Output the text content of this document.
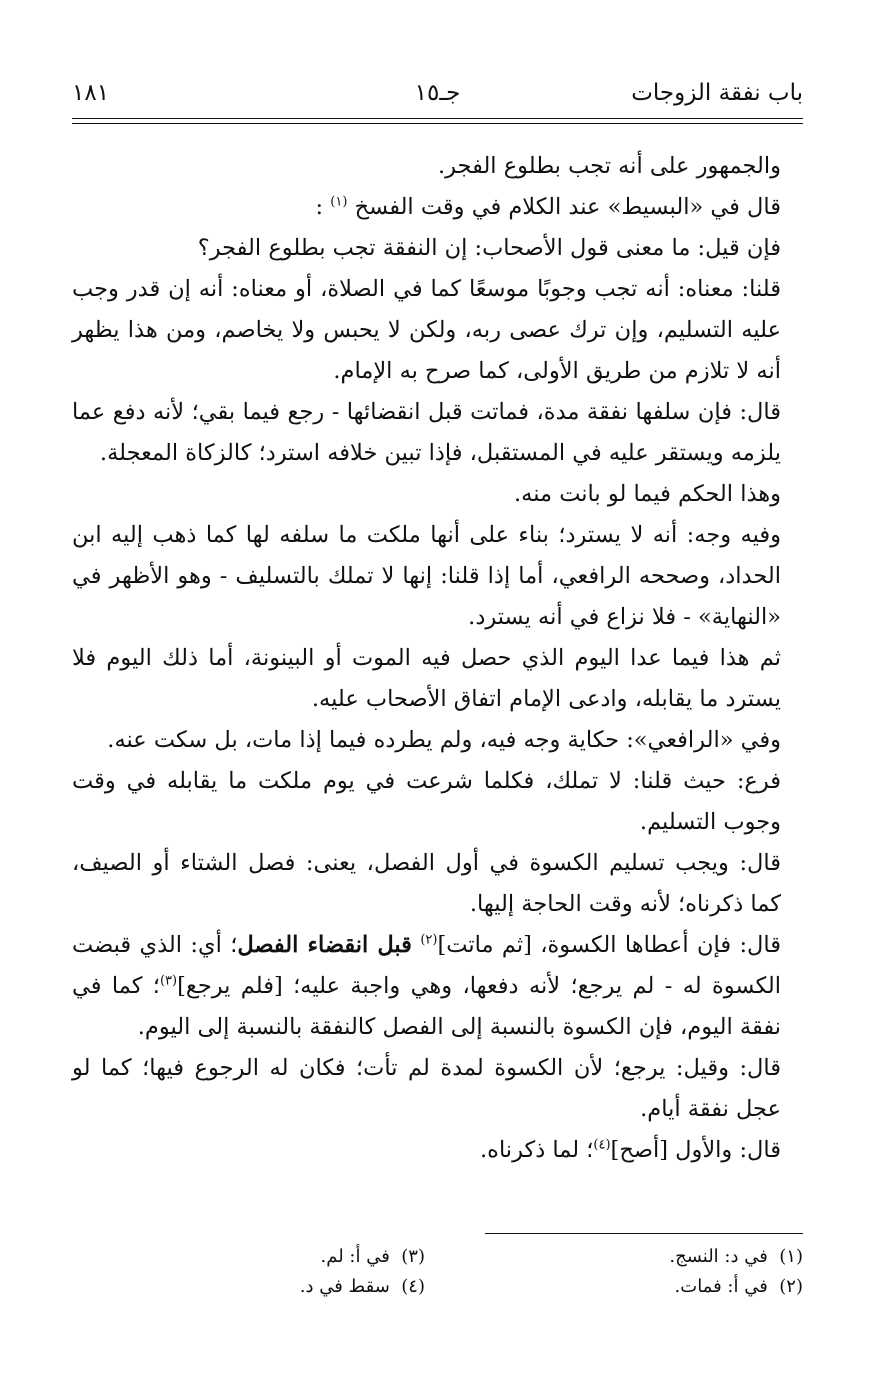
باب نفقة الزوجات
جـ١٥
١٨١

والجمهور على أنه تجب بطلوع الفجر.

قال في «البسيط» عند الكلام في وقت الفسخ $^{(١)}$ :

فإن قيل: ما معنى قول الأصحاب: إن النفقة تجب بطلوع الفجر؟

قلنا: معناه: أنه تجب وجوبًا موسعًا كما في الصلاة، أو معناه: أنه إن قدر وجب عليه التسليم، وإن ترك عصى ربه، ولكن لا يحبس ولا يخاصم، ومن هذا يظهر أنه لا تلازم من طريق الأولى، كما صرح به الإمام.

قال: فإن سلفها نفقة مدة، فماتت قبل انقضائها - رجع فيما بقي؛ لأنه دفع عما يلزمه ويستقر عليه في المستقبل، فإذا تبين خلافه استرد؛ كالزكاة المعجلة.

وهذا الحكم فيما لو بانت منه.

وفيه وجه: أنه لا يسترد؛ بناء على أنها ملكت ما سلفه لها كما ذهب إليه ابن الحداد، وصححه الرافعي، أما إذا قلنا: إنها لا تملك بالتسليف - وهو الأظهر في «النهاية» - فلا نزاع في أنه يسترد.

ثم هذا فيما عدا اليوم الذي حصل فيه الموت أو البينونة، أما ذلك اليوم فلا يسترد ما يقابله، وادعى الإمام اتفاق الأصحاب عليه.

وفي «الرافعي»: حكاية وجه فيه، ولم يطرده فيما إذا مات، بل سكت عنه.

فرع: حيث قلنا: لا تملك، فكلما شرعت في يوم ملكت ما يقابله في وقت وجوب التسليم.

قال: ويجب تسليم الكسوة في أول الفصل، يعنى: فصل الشتاء أو الصيف، كما ذكرناه؛ لأنه وقت الحاجة إليها.

قال: فإن أعطاها الكسوة، [ثم ماتت]$^{(٢)}$ قبل انقضاء الفصل؛ أي: الذي قبضت الكسوة له - لم يرجع؛ لأنه دفعها، وهي واجبة عليه؛ [فلم يرجع]$^{(٣)}$؛ كما في نفقة اليوم، فإن الكسوة بالنسبة إلى الفصل كالنفقة بالنسبة إلى اليوم.

قال: وقيل: يرجع؛ لأن الكسوة لمدة لم تأت؛ فكان له الرجوع فيها؛ كما لو عجل نفقة أيام.

قال: والأول [أصح]$^{(٤)}$؛ لما ذكرناه.

(١)  في د: النسج.
(٢)  في أ: فمات.
(٣)  في أ: لم.
(٤)  سقط في د.
